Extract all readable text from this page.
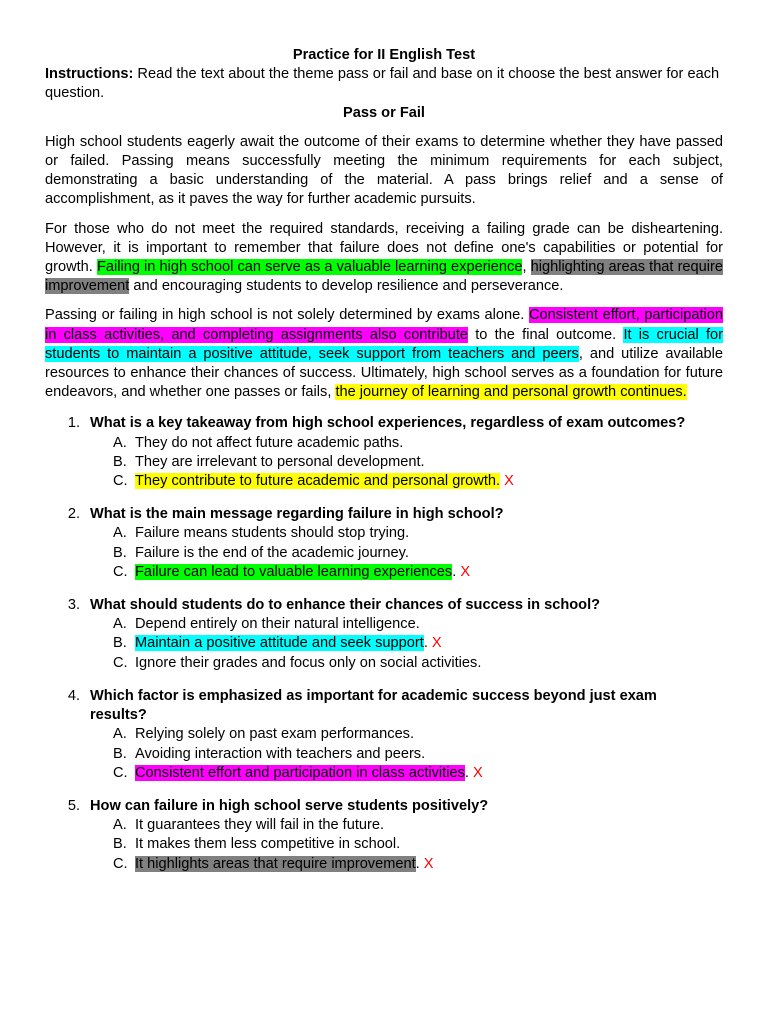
Practice for II English Test

Instructions: Read the text about the theme pass or fail and base on it choose the best answer for each question.

Pass or Fail

High school students eagerly await the outcome of their exams to determine whether they have passed or failed. Passing means successfully meeting the minimum requirements for each subject, demonstrating a basic understanding of the material. A pass brings relief and a sense of accomplishment, as it paves the way for further academic pursuits.

For those who do not meet the required standards, receiving a failing grade can be disheartening. However, it is important to remember that failure does not define one's capabilities or potential for growth. Failing in high school can serve as a valuable learning experience, highlighting areas that require improvement and encouraging students to develop resilience and perseverance.

Passing or failing in high school is not solely determined by exams alone. Consistent effort, participation in class activities, and completing assignments also contribute to the final outcome. It is crucial for students to maintain a positive attitude, seek support from teachers and peers, and utilize available resources to enhance their chances of success. Ultimately, high school serves as a foundation for future endeavors, and whether one passes or fails, the journey of learning and personal growth continues.

1. What is a key takeaway from high school experiences, regardless of exam outcomes?
A. They do not affect future academic paths.
B. They are irrelevant to personal development.
C. They contribute to future academic and personal growth. X
2. What is the main message regarding failure in high school?
A. Failure means students should stop trying.
B. Failure is the end of the academic journey.
C. Failure can lead to valuable learning experiences. X
3. What should students do to enhance their chances of success in school?
A. Depend entirely on their natural intelligence.
B. Maintain a positive attitude and seek support. X
C. Ignore their grades and focus only on social activities.
4. Which factor is emphasized as important for academic success beyond just exam results?
A. Relying solely on past exam performances.
B. Avoiding interaction with teachers and peers.
C. Consistent effort and participation in class activities. X
5. How can failure in high school serve students positively?
A. It guarantees they will fail in the future.
B. It makes them less competitive in school.
C. It highlights areas that require improvement. X
